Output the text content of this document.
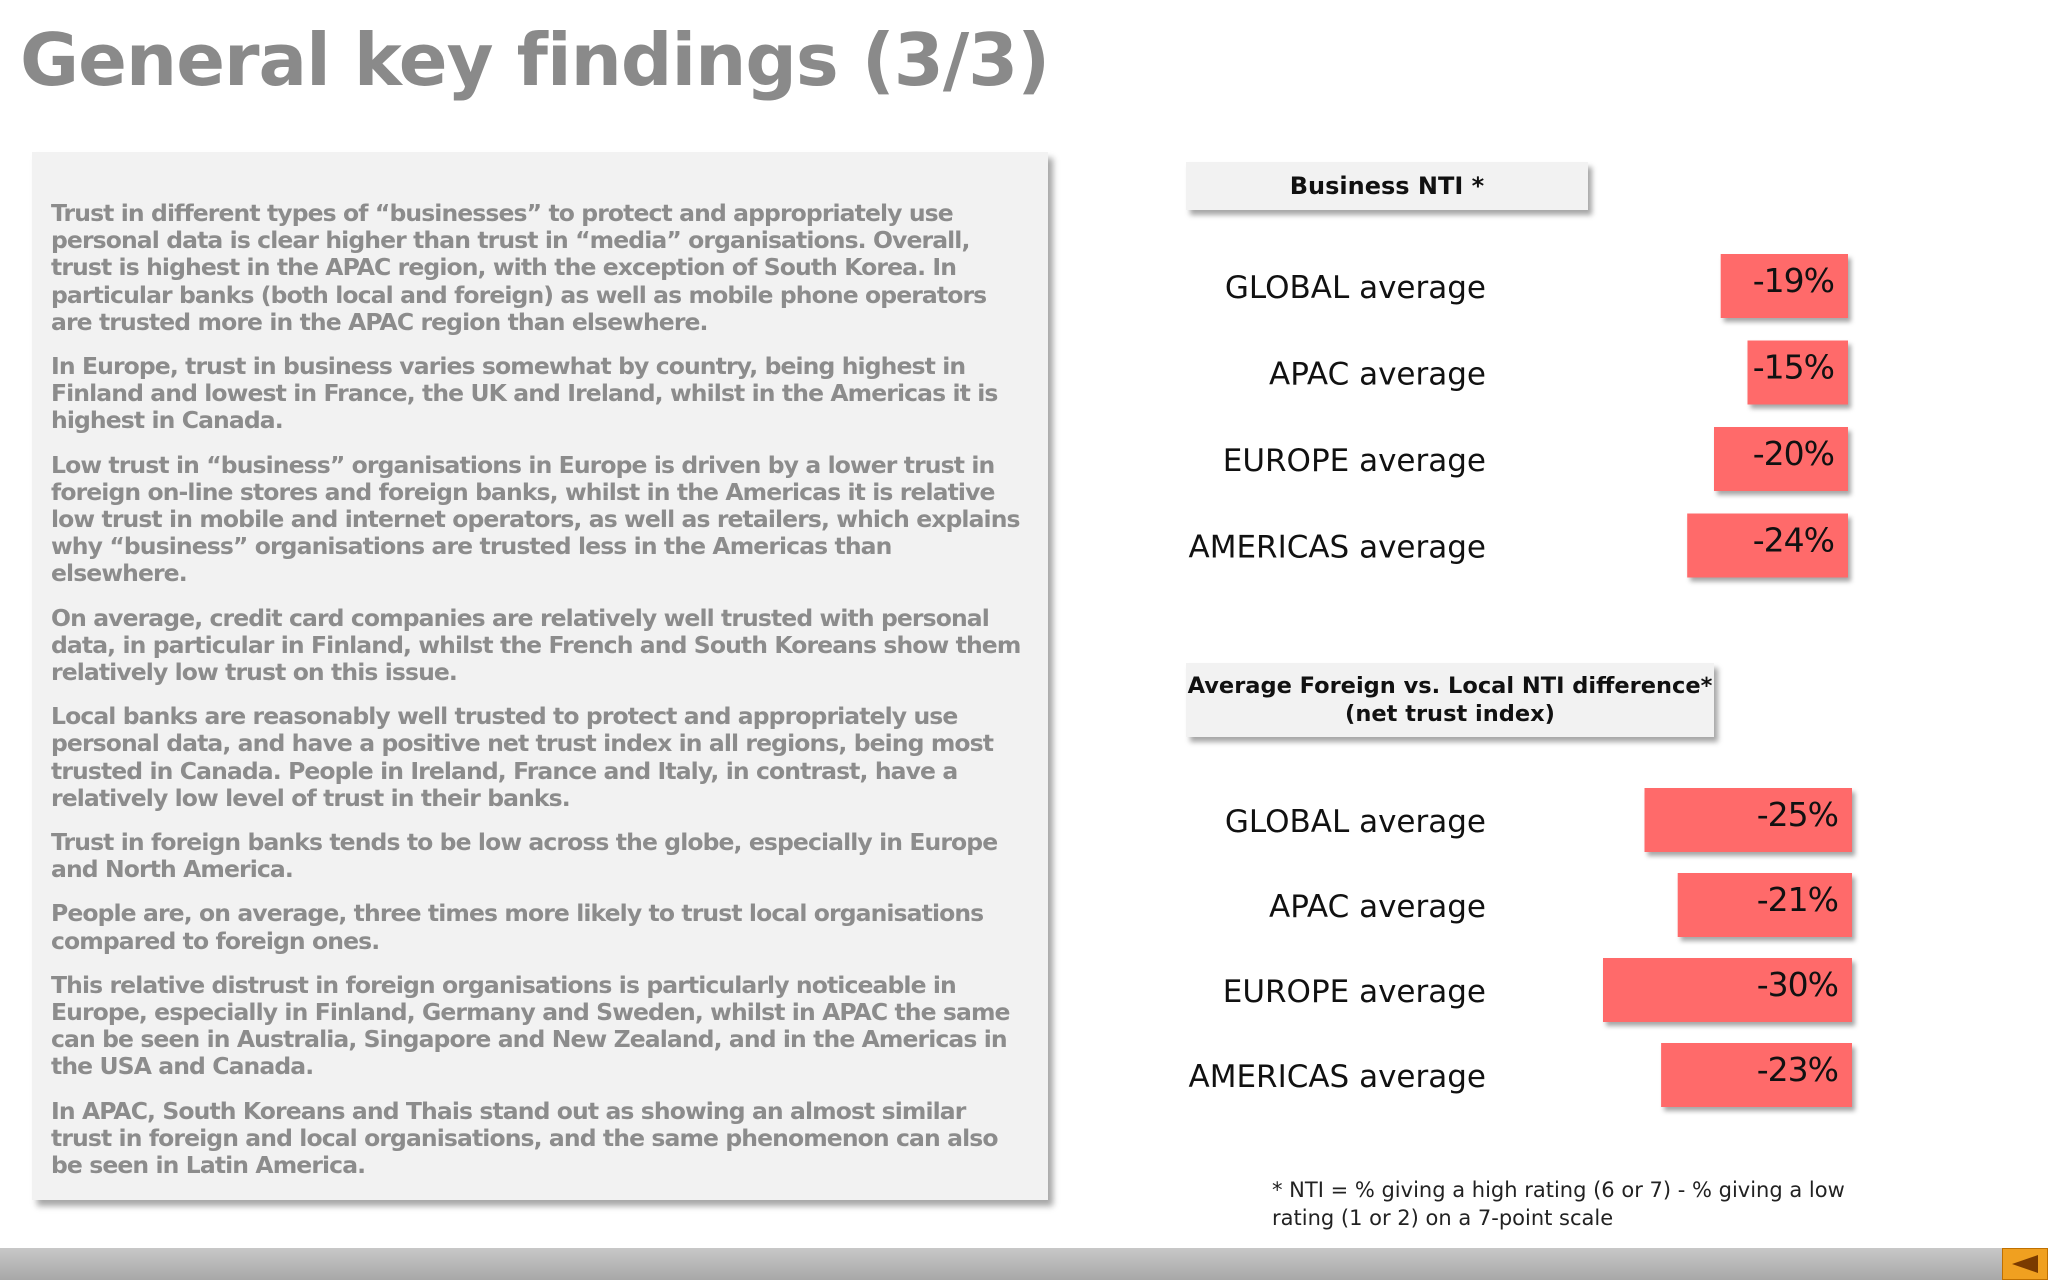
General key findings (3/3)

Trust in different types of “businesses” to protect and appropriately use personal data is clear higher than trust in “media” organisations. Overall, trust is highest in the APAC region, with the exception of South Korea. In particular banks (both local and foreign) as well as mobile phone operators are trusted more in the APAC region than elsewhere.

In Europe, trust in business varies somewhat by country, being highest in Finland and lowest in France, the UK and Ireland, whilst in the Americas it is highest in Canada.

Low trust in “business” organisations in Europe is driven by a lower trust in foreign on-line stores and foreign banks, whilst in the Americas it is relative low trust in mobile and internet operators, as well as retailers, which explains why “business” organisations are trusted less in the Americas than elsewhere.

On average, credit card companies are relatively well trusted with personal data, in particular in Finland, whilst the French and South Koreans show them relatively low trust on this issue.

Local banks are reasonably well trusted to protect and appropriately use personal data, and have a positive net trust index in all regions, being most trusted in Canada. People in Ireland, France and Italy, in contrast, have a relatively low level of trust in their banks.

Trust in foreign banks tends to be low across the globe, especially in Europe and North America.

People are, on average, three times more likely to trust local organisations compared to foreign ones.

This relative distrust in foreign organisations is particularly noticeable in Europe, especially in Finland, Germany and Sweden, whilst in APAC the same can be seen in Australia, Singapore and New Zealand, and in the Americas in the USA and Canada.

In APAC, South Koreans and Thais stand out as showing an almost similar trust in foreign and local organisations, and the same phenomenon can also be seen in Latin America.

Business NTI *
GLOBAL average	-19%
APAC average	-15%
EUROPE average	-20%
AMERICAS average	-24%
Average Foreign vs. Local NTI difference*
(net trust index)
GLOBAL average	-25%
APAC average	-21%
EUROPE average	-30%
AMERICAS average	-23%
* NTI = % giving a high rating (6 or 7) - % giving a low rating (1 or 2) on a 7-point scale
